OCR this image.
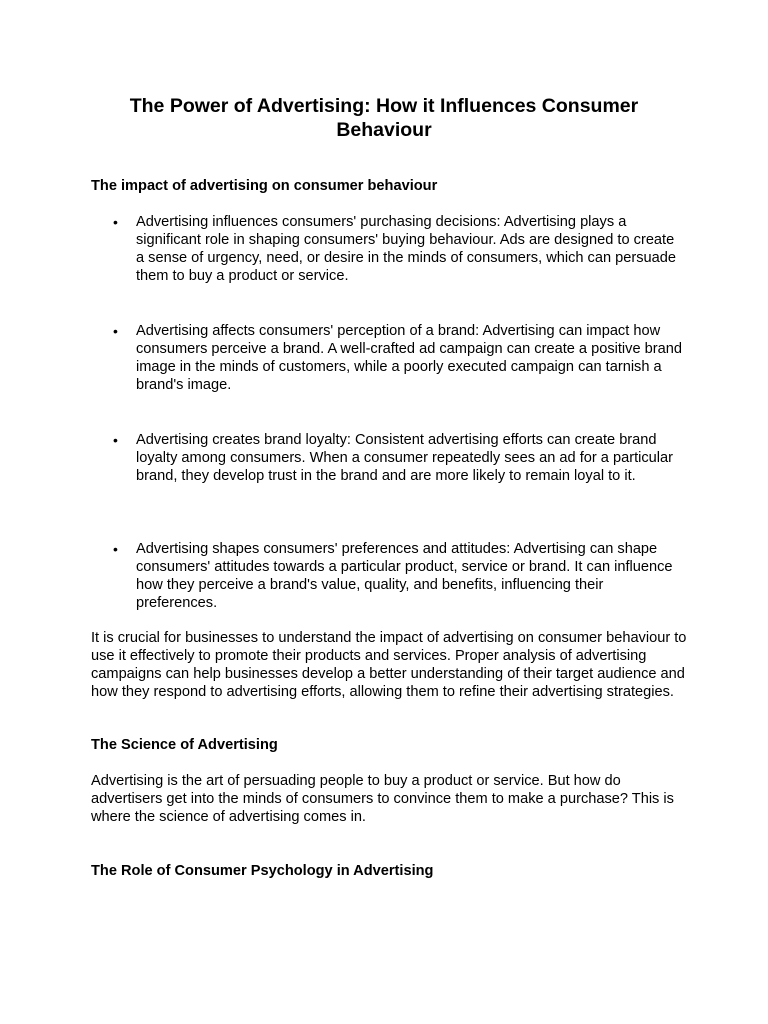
The Power of Advertising: How it Influences Consumer Behaviour
The impact of advertising on consumer behaviour
• Advertising influences consumers' purchasing decisions: Advertising plays a significant role in shaping consumers' buying behaviour. Ads are designed to create a sense of urgency, need, or desire in the minds of consumers, which can persuade them to buy a product or service.
• Advertising affects consumers' perception of a brand: Advertising can impact how consumers perceive a brand. A well-crafted ad campaign can create a positive brand image in the minds of customers, while a poorly executed campaign can tarnish a brand's image.
• Advertising creates brand loyalty: Consistent advertising efforts can create brand loyalty among consumers. When a consumer repeatedly sees an ad for a particular brand, they develop trust in the brand and are more likely to remain loyal to it.
• Advertising shapes consumers' preferences and attitudes: Advertising can shape consumers' attitudes towards a particular product, service or brand. It can influence how they perceive a brand's value, quality, and benefits, influencing their preferences.
It is crucial for businesses to understand the impact of advertising on consumer behaviour to use it effectively to promote their products and services. Proper analysis of advertising campaigns can help businesses develop a better understanding of their target audience and how they respond to advertising efforts, allowing them to refine their advertising strategies.
The Science of Advertising
Advertising is the art of persuading people to buy a product or service. But how do advertisers get into the minds of consumers to convince them to make a purchase? This is where the science of advertising comes in.
The Role of Consumer Psychology in Advertising
